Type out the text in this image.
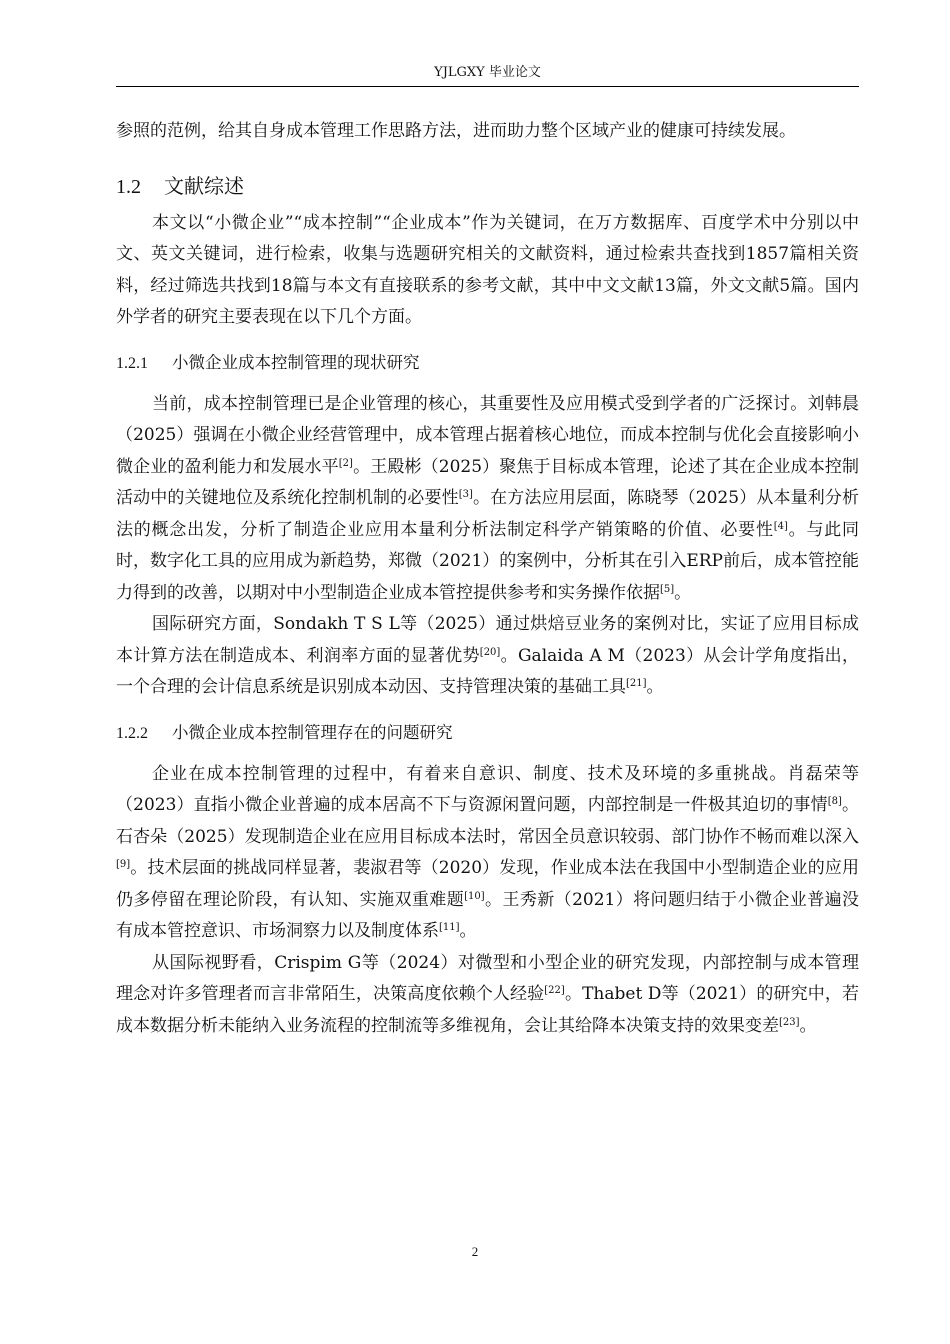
YJLGXY 毕业论文

参照的范例，给其自身成本管理工作思路方法，进而助力整个区域产业的健康可持续发展。

1.2 文献综述

本文以“小微企业”“成本控制”“企业成本”作为关键词，在万方数据库、百度学术中分别以中文、英文关键词，进行检索，收集与选题研究相关的文献资料，通过检索共查找到1857篇相关资料，经过筛选共找到18篇与本文有直接联系的参考文献，其中中文文献13篇，外文文献5篇。国内外学者的研究主要表现在以下几个方面。

1.2.1 小微企业成本控制管理的现状研究

当前，成本控制管理已是企业管理的核心，其重要性及应用模式受到学者的广泛探讨。刘韩晨（2025）强调在小微企业经营管理中，成本管理占据着核心地位，而成本控制与优化会直接影响小微企业的盈利能力和发展水平[2]。王殿彬（2025）聚焦于目标成本管理，论述了其在企业成本控制活动中的关键地位及系统化控制机制的必要性[3]。在方法应用层面，陈晓琴（2025）从本量利分析法的概念出发，分析了制造企业应用本量利分析法制定科学产销策略的价值、必要性[4]。与此同时，数字化工具的应用成为新趋势，郑微（2021）的案例中，分析其在引入ERP前后，成本管控能力得到的改善，以期对中小型制造企业成本管控提供参考和实务操作依据[5]。

国际研究方面，Sondakh T S L等（2025）通过烘焙豆业务的案例对比，实证了应用目标成本计算方法在制造成本、利润率方面的显著优势[20]。Galaida A M（2023）从会计学角度指出，一个合理的会计信息系统是识别成本动因、支持管理决策的基础工具[21]。

1.2.2 小微企业成本控制管理存在的问题研究

企业在成本控制管理的过程中，有着来自意识、制度、技术及环境的多重挑战。肖磊荣等（2023）直指小微企业普遍的成本居高不下与资源闲置问题，内部控制是一件极其迫切的事情[8]。石杏朵（2025）发现制造企业在应用目标成本法时，常因全员意识较弱、部门协作不畅而难以深入[9]。技术层面的挑战同样显著，裴淑君等（2020）发现，作业成本法在我国中小型制造企业的应用仍多停留在理论阶段，有认知、实施双重难题[10]。王秀新（2021）将问题归结于小微企业普遍没有成本管控意识、市场洞察力以及制度体系[11]。

从国际视野看，Crispim G等（2024）对微型和小型企业的研究发现，内部控制与成本管理理念对许多管理者而言非常陌生，决策高度依赖个人经验[22]。Thabet D等（2021）的研究中，若成本数据分析未能纳入业务流程的控制流等多维视角，会让其给降本决策支持的效果变差[23]。

2
